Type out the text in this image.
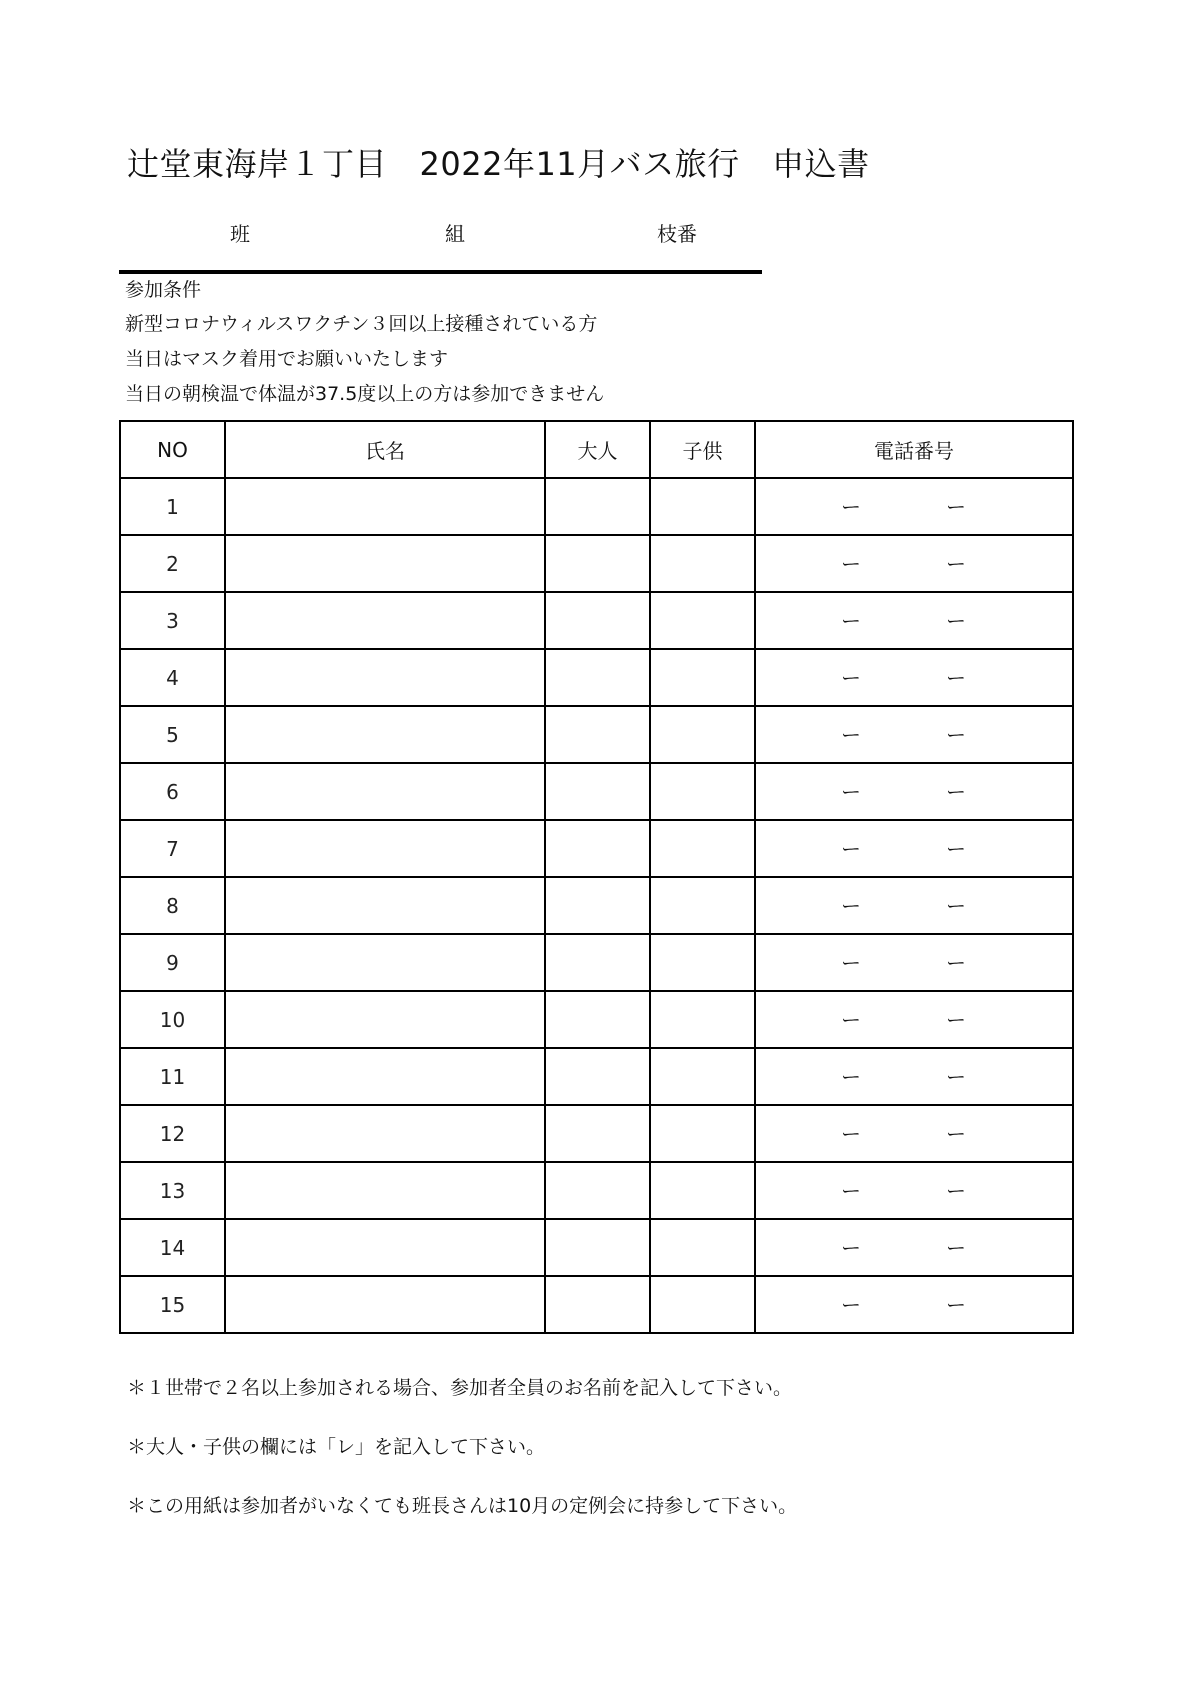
辻堂東海岸１丁目　2022年11月バス旅行　申込書
班	組	枝番
参加条件
新型コロナウィルスワクチン３回以上接種されている方
当日はマスク着用でお願いいたします
当日の朝検温で体温が37.5度以上の方は参加できません
NO	氏名	大人	子供	電話番号
1				ー ー

2				ー ー

3				ー ー

4				ー ー

5				ー ー

6				ー ー

7				ー ー

8				ー ー

9				ー ー

10				ー ー

11				ー ー

12				ー ー

13				ー ー

14				ー ー

15				ー ー
＊１世帯で２名以上参加される場合、参加者全員のお名前を記入して下さい。
＊大人・子供の欄には「レ」を記入して下さい。
＊この用紙は参加者がいなくても班長さんは10月の定例会に持参して下さい。
